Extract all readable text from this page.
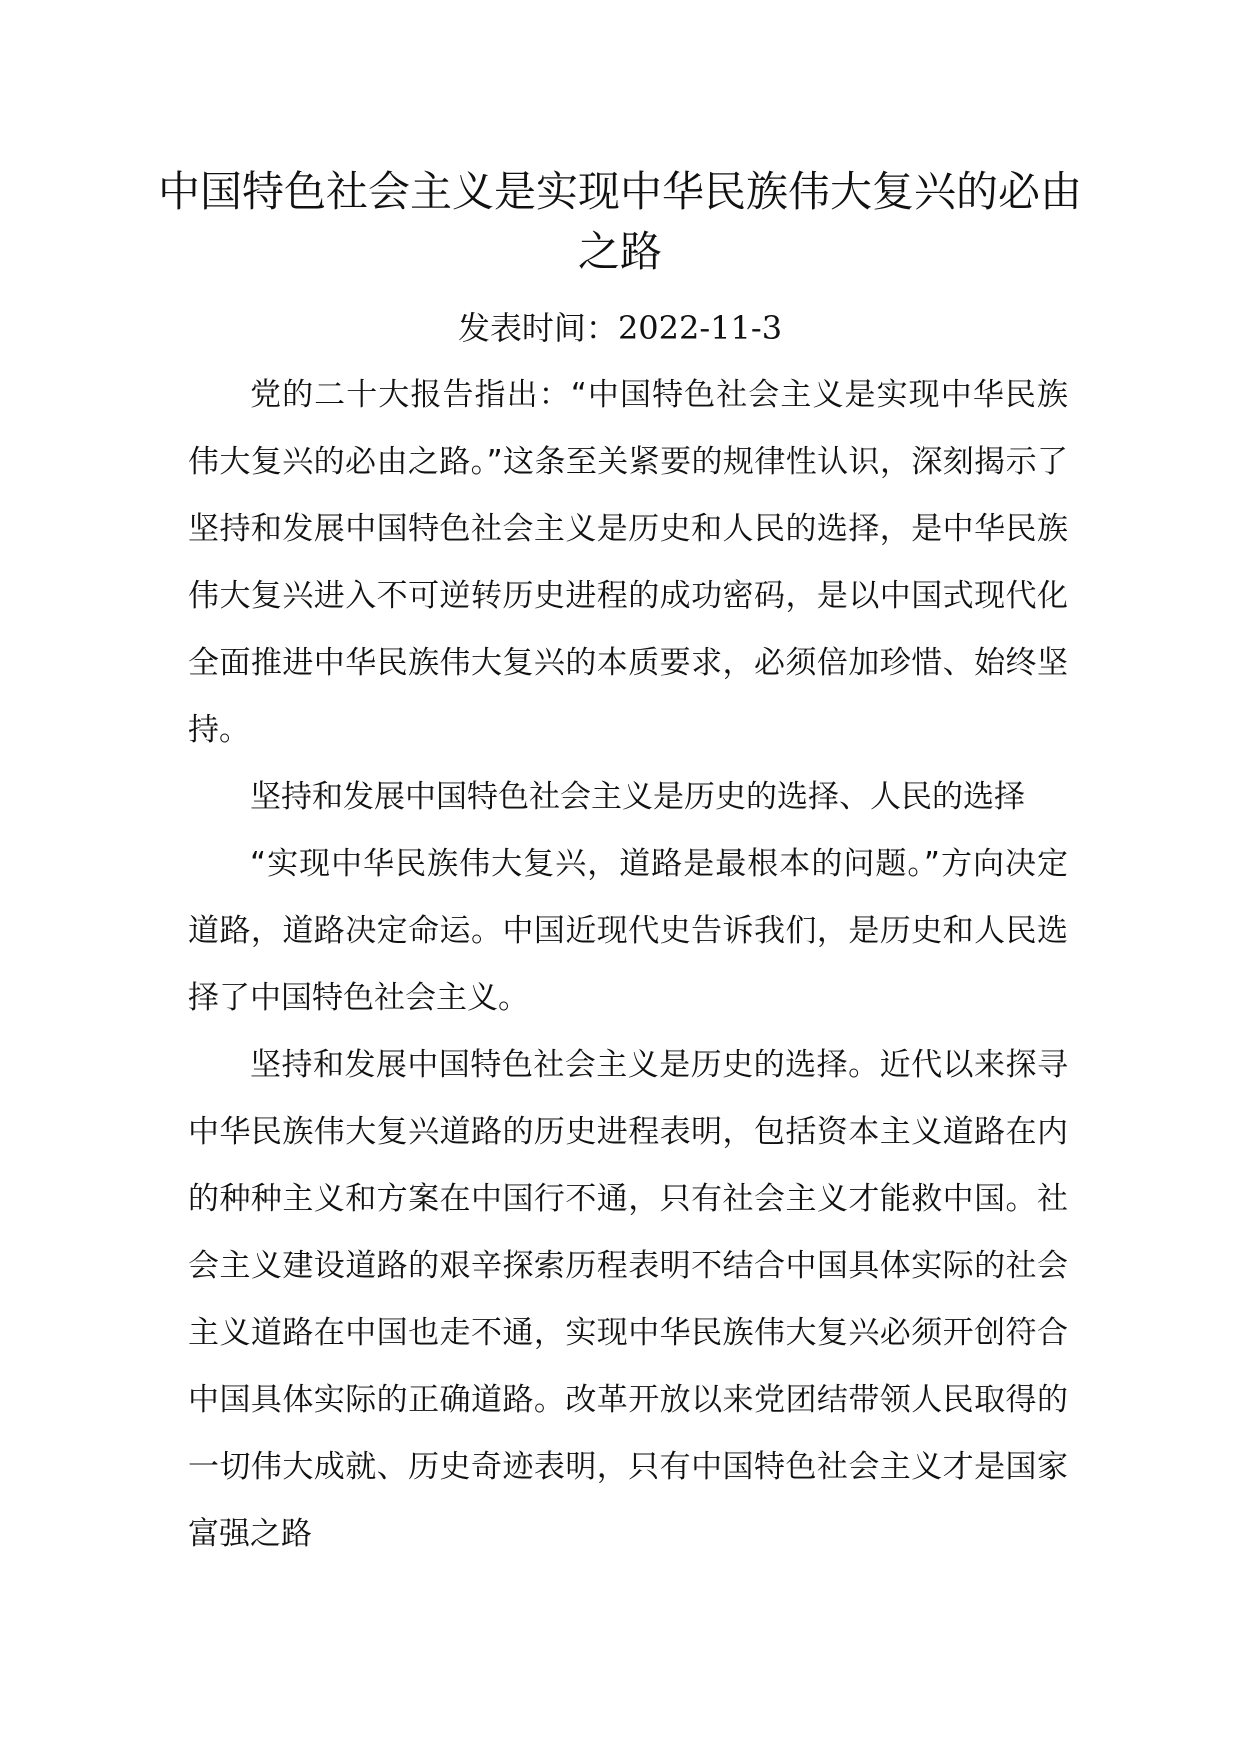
中国特色社会主义是实现中华民族伟大复兴的必由之路
发表时间：2022-11-3

党的二十大报告指出：“中国特色社会主义是实现中华民族伟大复兴的必由之路。”这条至关紧要的规律性认识，深刻揭示了坚持和发展中国特色社会主义是历史和人民的选择，是中华民族伟大复兴进入不可逆转历史进程的成功密码，是以中国式现代化全面推进中华民族伟大复兴的本质要求，必须倍加珍惜、始终坚持。

坚持和发展中国特色社会主义是历史的选择、人民的选择

“实现中华民族伟大复兴，道路是最根本的问题。”方向决定道路，道路决定命运。中国近现代史告诉我们，是历史和人民选择了中国特色社会主义。

坚持和发展中国特色社会主义是历史的选择。近代以来探寻中华民族伟大复兴道路的历史进程表明，包括资本主义道路在内的种种主义和方案在中国行不通，只有社会主义才能救中国。社会主义建设道路的艰辛探索历程表明不结合中国具体实际的社会主义道路在中国也走不通，实现中华民族伟大复兴必须开创符合中国具体实际的正确道路。改革开放以来党团结带领人民取得的一切伟大成就、历史奇迹表明，只有中国特色社会主义才是国家富强之路
